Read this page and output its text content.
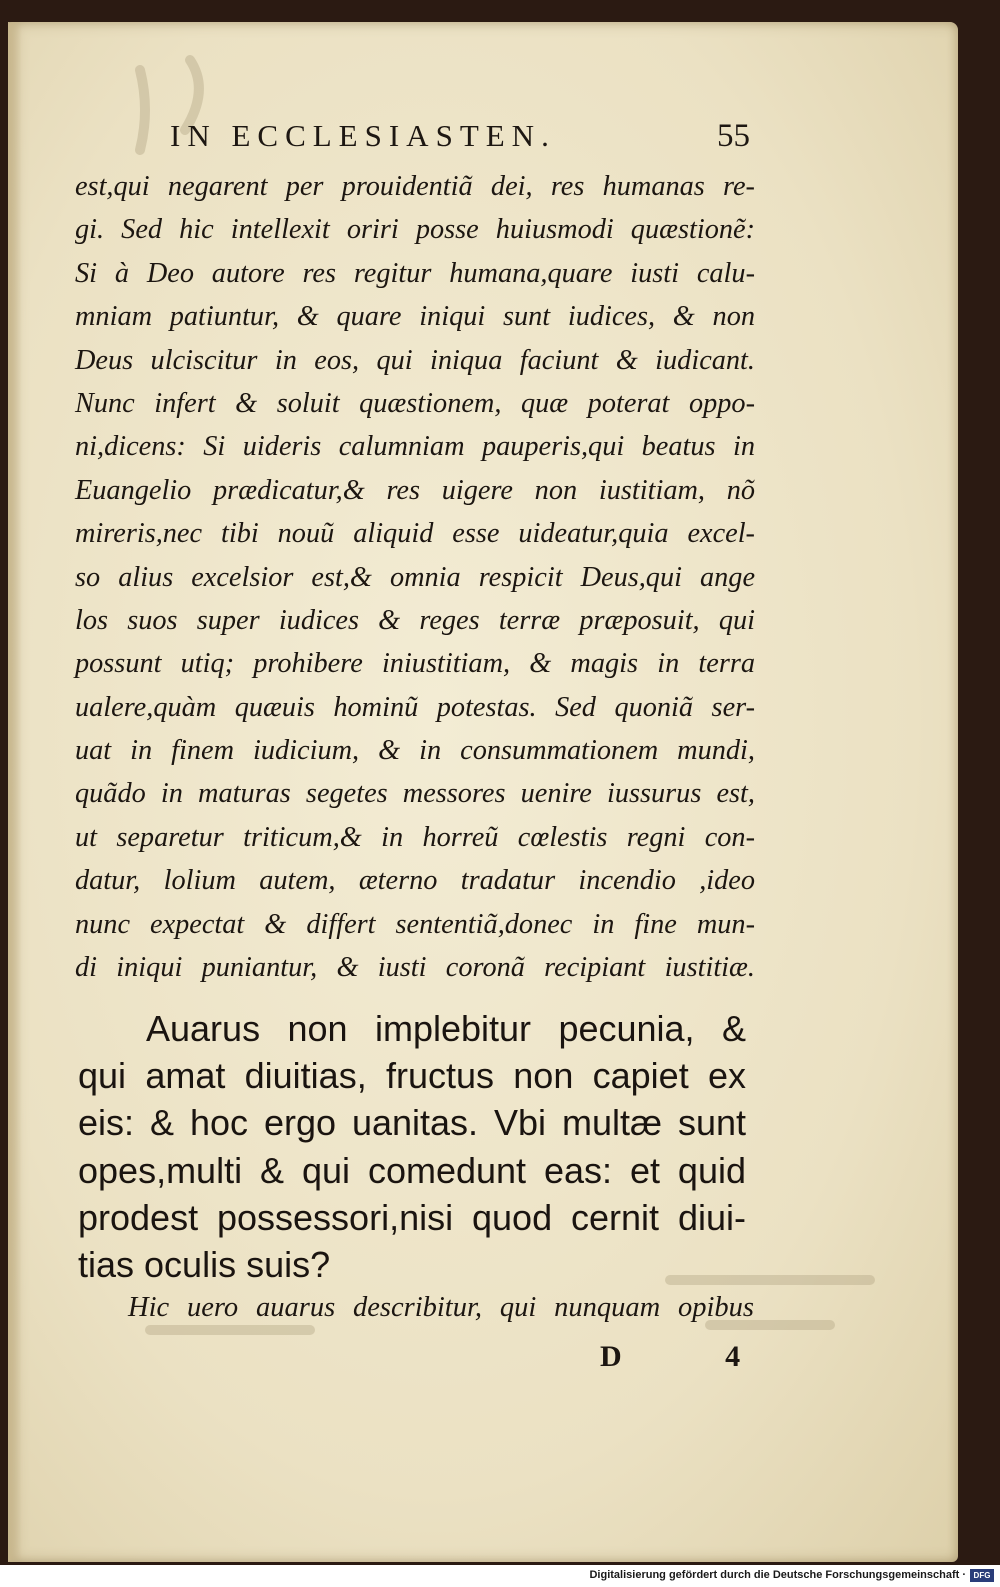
IN ECCLESIASTEN.	55
est,qui negarent per prouidentiã dei, res humanas re-
gi. Sed hic intellexit oriri posse huiusmodi quæstionẽ:
Si à Deo autore res regitur humana,quare iusti calu-
mniam patiuntur, & quare iniqui sunt iudices, & non
Deus ulciscitur in eos, qui iniqua faciunt & iudicant.
Nunc infert & soluit quæstionem, quæ poterat oppo-
ni,dicens: Si uideris calumniam pauperis,qui beatus in
Euangelio prædicatur,& res uigere non iustitiam, nõ
mireris,nec tibi nouũ aliquid esse uideatur,quia excel-
so alius excelsior est,& omnia respicit Deus,qui ange
los suos super iudices & reges terræ præposuit, qui
possunt utiq; prohibere iniustitiam, & magis in terra
ualere,quàm quæuis hominũ potestas. Sed quoniã ser-
uat in finem iudicium, & in consummationem mundi,
quãdo in maturas segetes messores uenire iussurus est,
ut separetur triticum,& in horreũ cœlestis regni con-
datur, lolium autem, æterno tradatur incendio ,ideo
nunc expectat & differt sententiã,donec in fine mun-
di iniqui puniantur, & iusti coronã recipiant iustitiæ.
Auarus non implebitur pecunia, &
qui amat diuitias, fructus non capiet ex
eis: & hoc ergo uanitas. Vbi multæ sunt
opes,multi & qui comedunt eas: et quid
prodest possessori,nisi quod cernit diui-
tias oculis suis?
Hic uero auarus describitur, qui nunquam opibus
D 4
Digitalisierung gefördert durch die Deutsche Forschungsgemeinschaft · DFG
